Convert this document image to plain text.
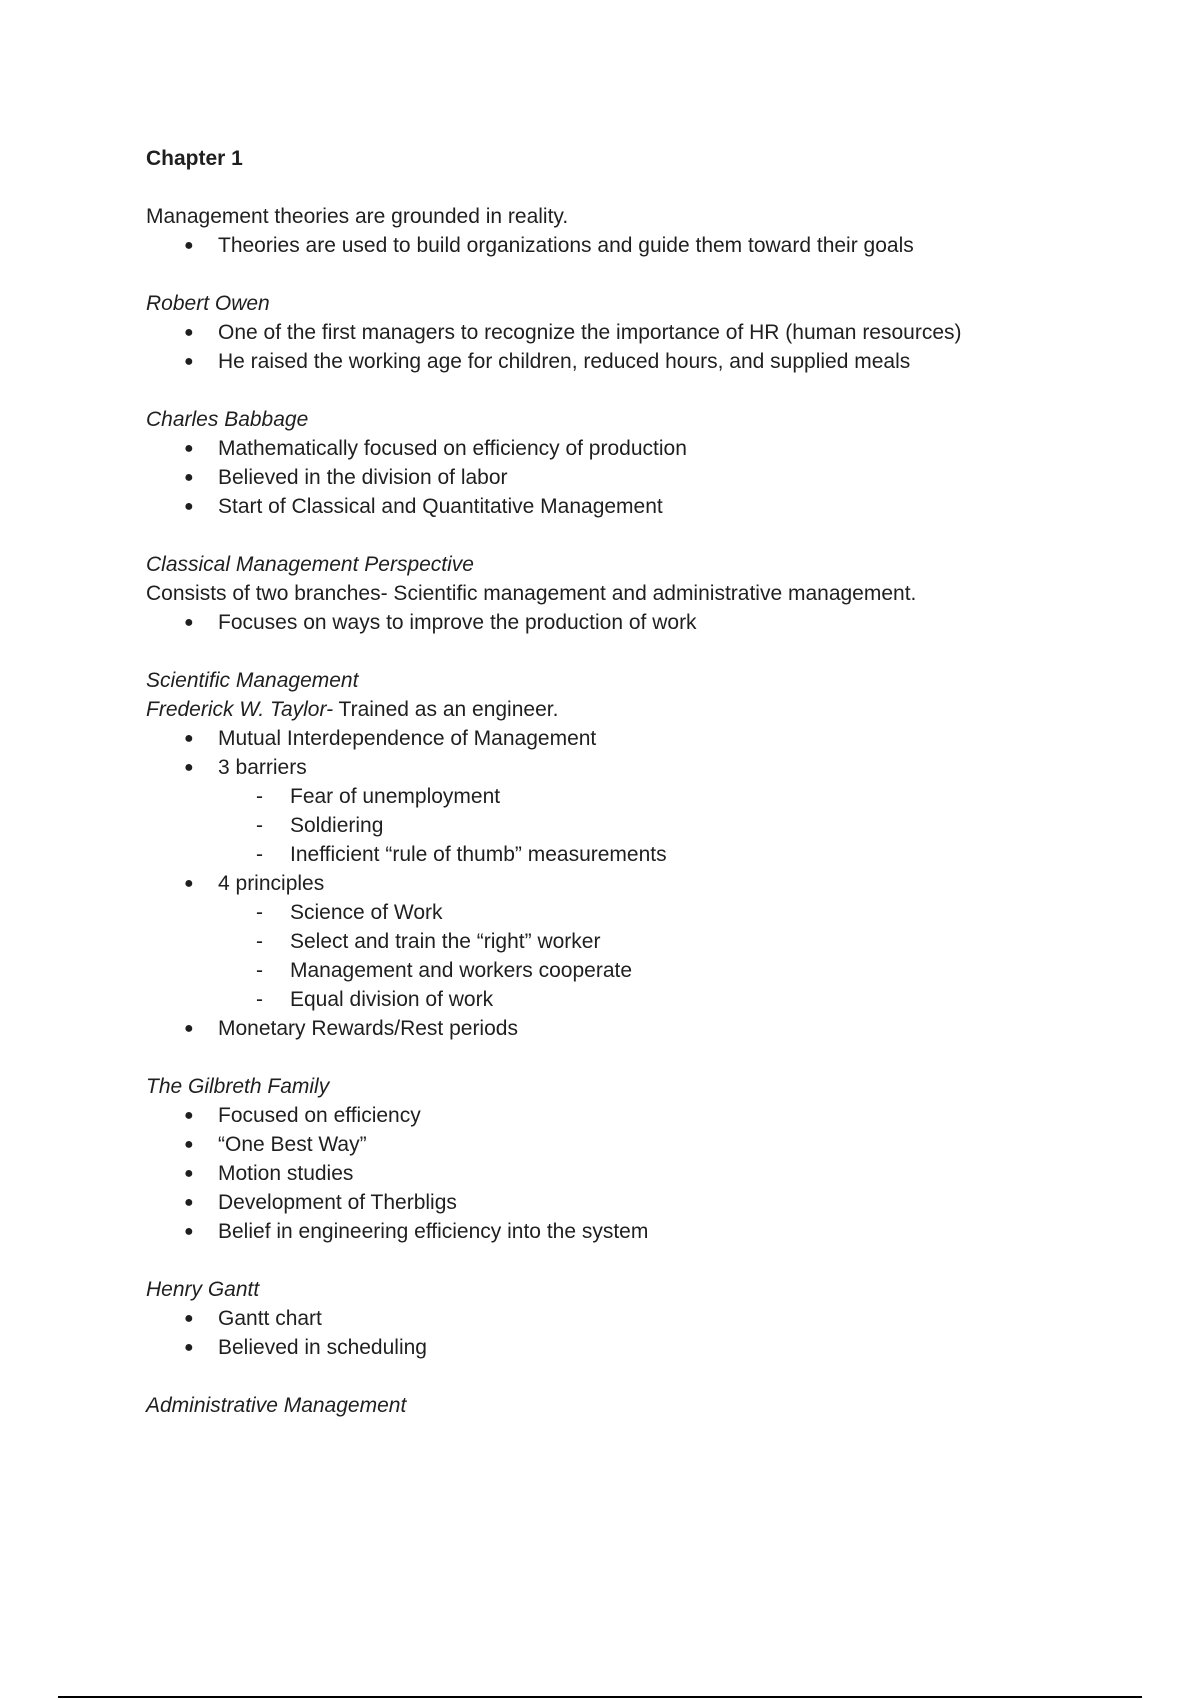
Chapter 1

Management theories are grounded in reality.

● Theories are used to build organizations and guide them toward their goals

Robert Owen

● One of the first managers to recognize the importance of HR (human resources)
● He raised the working age for children, reduced hours, and supplied meals

Charles Babbage

● Mathematically focused on efficiency of production
● Believed in the division of labor
● Start of Classical and Quantitative Management

Classical Management Perspective

Consists of two branches- Scientific management and administrative management.

● Focuses on ways to improve the production of work

Scientific Management

Frederick W. Taylor- Trained as an engineer.

● Mutual Interdependence of Management
● 3 barriers
- Fear of unemployment
- Soldiering
- Inefficient “rule of thumb” measurements
● 4 principles
- Science of Work
- Select and train the “right” worker
- Management and workers cooperate
- Equal division of work
● Monetary Rewards/Rest periods

The Gilbreth Family

● Focused on efficiency
● “One Best Way”
● Motion studies
● Development of Therbligs
● Belief in engineering efficiency into the system

Henry Gantt

● Gantt chart
● Believed in scheduling

Administrative Management
